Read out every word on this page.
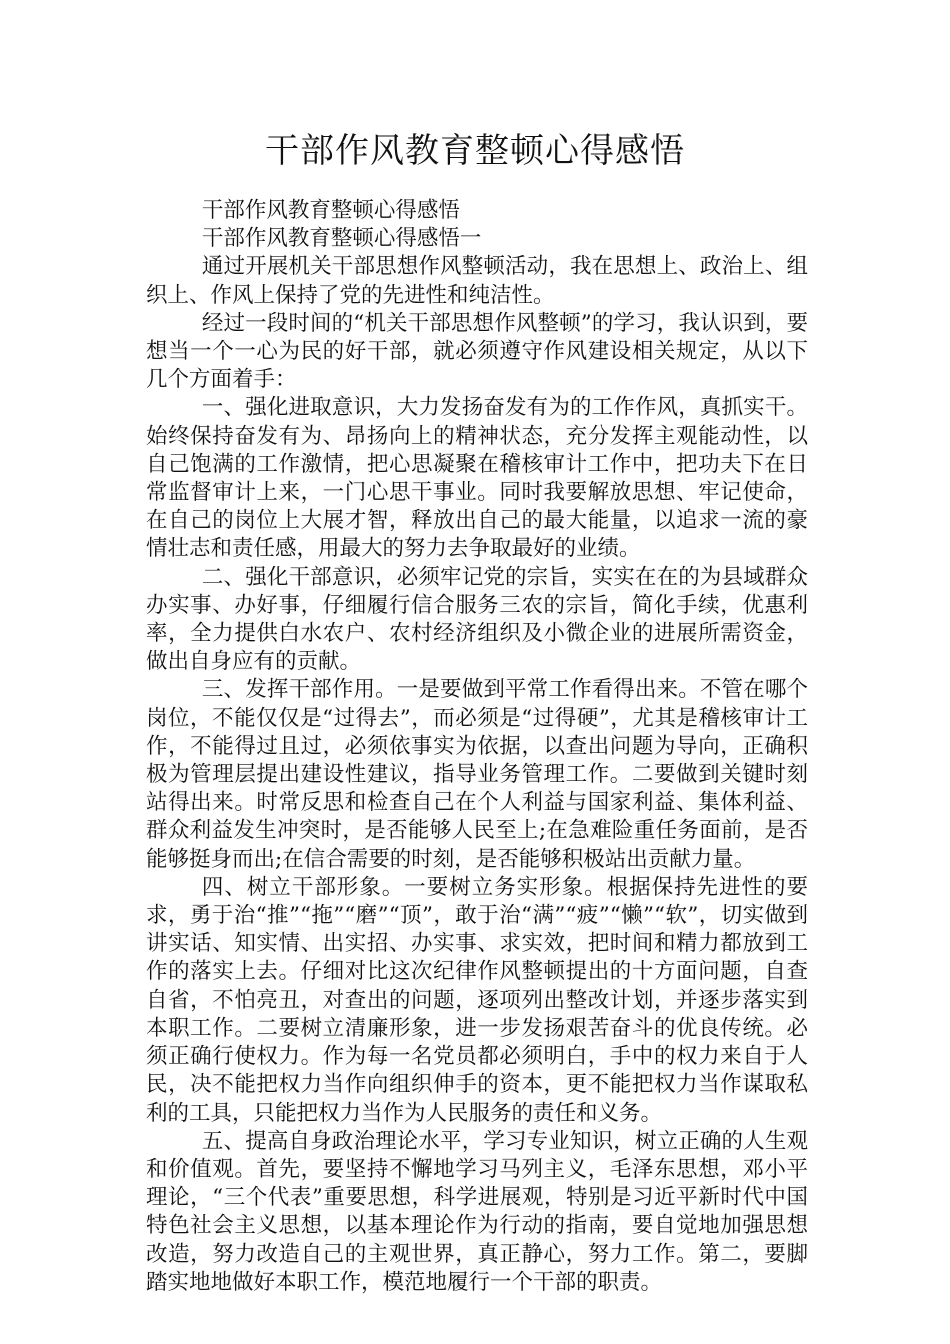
干部作风教育整顿心得感悟

干部作风教育整顿心得感悟

干部作风教育整顿心得感悟一

通过开展机关干部思想作风整顿活动，我在思想上、政治上、组织上、作风上保持了党的先进性和纯洁性。

经过一段时间的“机关干部思想作风整顿”的学习，我认识到，要想当一个一心为民的好干部，就必须遵守作风建设相关规定，从以下几个方面着手：

一、强化进取意识，大力发扬奋发有为的工作作风，真抓实干。始终保持奋发有为、昂扬向上的精神状态，充分发挥主观能动性，以自己饱满的工作激情，把心思凝聚在稽核审计工作中，把功夫下在日常监督审计上来，一门心思干事业。同时我要解放思想、牢记使命，在自己的岗位上大展才智，释放出自己的最大能量，以追求一流的豪情壮志和责任感，用最大的努力去争取最好的业绩。

二、强化干部意识，必须牢记党的宗旨，实实在在的为县域群众办实事、办好事，仔细履行信合服务三农的宗旨，简化手续，优惠利率，全力提供白水农户、农村经济组织及小微企业的进展所需资金，做出自身应有的贡献。

三、发挥干部作用。一是要做到平常工作看得出来。不管在哪个岗位，不能仅仅是“过得去”，而必须是“过得硬”，尤其是稽核审计工作，不能得过且过，必须依事实为依据，以查出问题为导向，正确积极为管理层提出建设性建议，指导业务管理工作。二要做到关键时刻站得出来。时常反思和检查自己在个人利益与国家利益、集体利益、群众利益发生冲突时，是否能够人民至上;在急难险重任务面前，是否能够挺身而出;在信合需要的时刻，是否能够积极站出贡献力量。

四、树立干部形象。一要树立务实形象。根据保持先进性的要求，勇于治“推”“拖”“磨”“顶”，敢于治“满”“疲”“懒”“软”，切实做到讲实话、知实情、出实招、办实事、求实效，把时间和精力都放到工作的落实上去。仔细对比这次纪律作风整顿提出的十方面问题，自查自省，不怕亮丑，对查出的问题，逐项列出整改计划，并逐步落实到本职工作。二要树立清廉形象，进一步发扬艰苦奋斗的优良传统。必须正确行使权力。作为每一名党员都必须明白，手中的权力来自于人民，决不能把权力当作向组织伸手的资本，更不能把权力当作谋取私利的工具，只能把权力当作为人民服务的责任和义务。

五、提高自身政治理论水平，学习专业知识，树立正确的人生观和价值观。首先，要坚持不懈地学习马列主义，毛泽东思想，邓小平理论，“三个代表”重要思想，科学进展观，特别是习近平新时代中国特色社会主义思想，以基本理论作为行动的指南，要自觉地加强思想改造，努力改造自己的主观世界，真正静心，努力工作。第二，要脚踏实地地做好本职工作，模范地履行一个干部的职责。
